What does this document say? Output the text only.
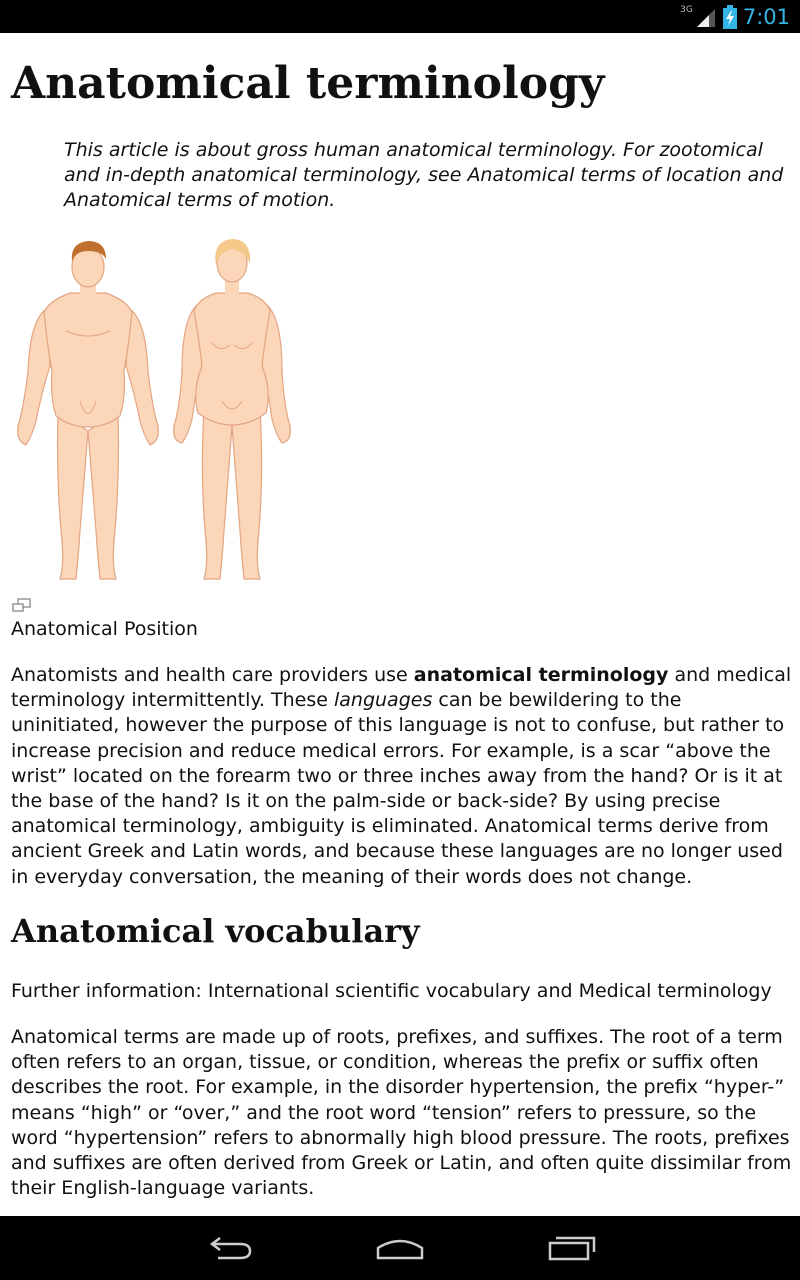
3G 7:01
Anatomical terminology
This article is about gross human anatomical terminology. For zootomical and in-depth anatomical terminology, see Anatomical terms of location and Anatomical terms of motion.
Anatomical Position

Anatomists and health care providers use anatomical terminology and medical terminology intermittently. These languages can be bewildering to the uninitiated, however the purpose of this language is not to confuse, but rather to increase precision and reduce medical errors. For example, is a scar “above the wrist” located on the forearm two or three inches away from the hand? Or is it at the base of the hand? Is it on the palm-side or back-side? By using precise anatomical terminology, ambiguity is eliminated. Anatomical terms derive from ancient Greek and Latin words, and because these languages are no longer used in everyday conversation, the meaning of their words does not change.

Anatomical vocabulary

Further information: International scientific vocabulary and Medical terminology

Anatomical terms are made up of roots, prefixes, and suffixes. The root of a term often refers to an organ, tissue, or condition, whereas the prefix or suffix often describes the root. For example, in the disorder hypertension, the prefix “hyper-” means “high” or “over,” and the root word “tension” refers to pressure, so the word “hypertension” refers to abnormally high blood pressure. The roots, prefixes and suffixes are often derived from Greek or Latin, and often quite dissimilar from their English-language variants.
